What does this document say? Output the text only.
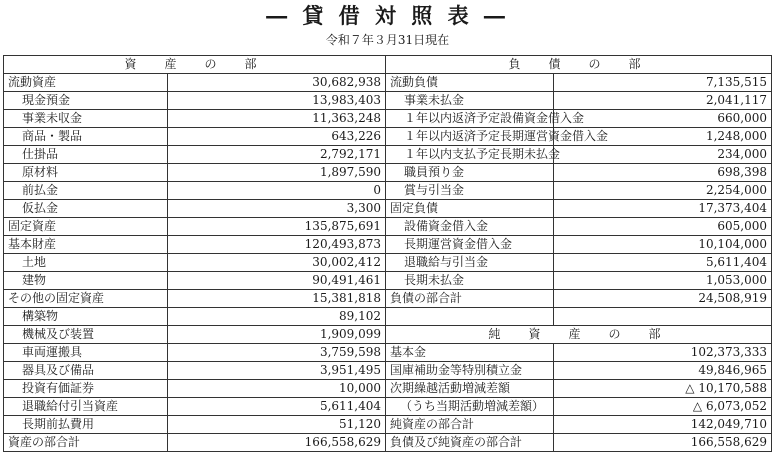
― 貸 借 対 照 表 ―
令和７年３月31日現在
資　産　の　部		負　債　の　部	
流動資産	30,682,938	流動負債	7,135,515
現金預金	13,983,403	事業未払金	2,041,117
事業未収金	11,363,248	１年以内返済予定設備資金借入金	660,000
商品・製品	643,226	１年以内返済予定長期運営資金借入金	1,248,000
仕掛品	2,792,171	１年以内支払予定長期未払金	234,000
原材料	1,897,590	職員預り金	698,398
前払金	0	賞与引当金	2,254,000
仮払金	3,300	固定負債	17,373,404
固定資産	135,875,691	設備資金借入金	605,000
基本財産	120,493,873	長期運営資金借入金	10,104,000
土地	30,002,412	退職給与引当金	5,611,404
建物	90,491,461	長期未払金	1,053,000
その他の固定資産	15,381,818	負債の部合計	24,508,919
構築物	89,102		
機械及び装置	1,909,099	純　資　産　の　部	
車両運搬具	3,759,598	基本金	102,373,333
器具及び備品	3,951,495	国庫補助金等特別積立金	49,846,965
投資有価証券	10,000	次期繰越活動増減差額	△ 10,170,588
退職給付引当資産	5,611,404	（うち当期活動増減差額）	△ 6,073,052
長期前払費用	51,120	純資産の部合計	142,049,710
資産の部合計	166,558,629	負債及び純資産の部合計	166,558,629
